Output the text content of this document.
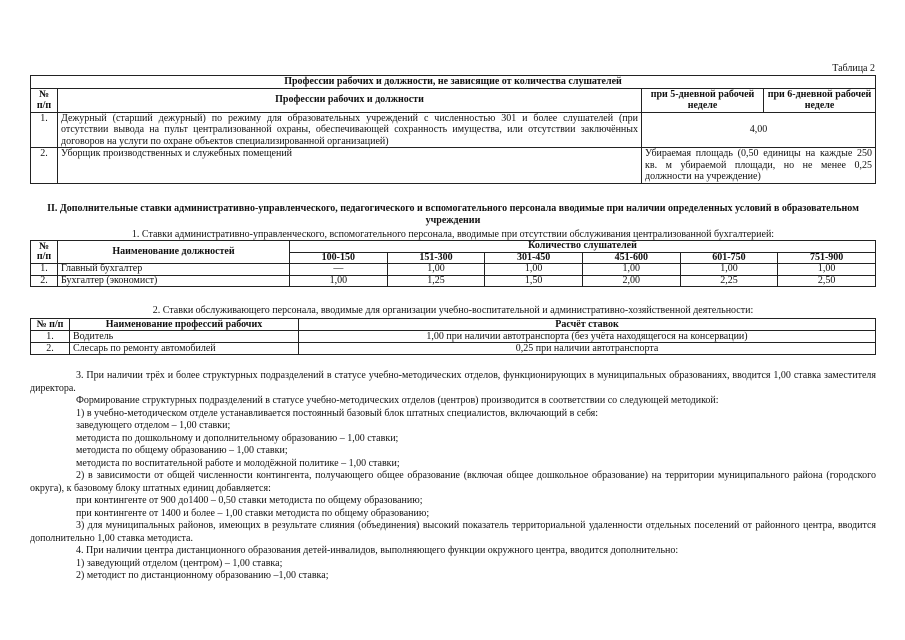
Таблица 2
Профессии рабочих и должности, не зависящие от количества слушателей			
№ п/п	Профессии рабочих и должности	при 5-дневной рабочей неделе	при 6-дневной рабочей неделе
1.	Дежурный (старший дежурный) по режиму для образовательных учреждений с численностью 301 и более слушателей (при отсутствии вывода на пульт централизованной охраны, обеспечивающей сохранность имущества, или отсутствии заключённых договоров на услуги по охране объектов специализированной организацией)	4,00	
2.	Уборщик производственных и служебных помещений	Убираемая площадь (0,50 единицы на каждые 250 кв. м убираемой площади, но не менее 0,25 должности на учреждение)	
II. Дополнительные ставки административно-управленческого, педагогического и вспомогательного персонала вводимые при наличии определенных условий в образовательном учреждении
1. Ставки административно-управленческого, вспомогательного персонала, вводимые при отсутствии обслуживания централизованной бухгалтерией:
№ п/п	Наименование должностей	Количество слушателей					
		100-150	151-300	301-450	451-600	601-750	751-900
1.	Главный бухгалтер	—	1,00	1,00	1,00	1,00	1,00
2.	Бухгалтер (экономист)	1,00	1,25	1,50	2,00	2,25	2,50
2. Ставки обслуживающего персонала, вводимые для организации учебно-воспитательной и административно-хозяйственной деятельности:
№ п/п	Наименование профессий рабочих	Расчёт ставок
1.	Водитель	1,00 при наличии автотранспорта (без учёта находящегося на консервации)
2.	Слесарь по ремонту автомобилей	0,25 при наличии автотранспорта

3. При наличии трёх и более структурных подразделений в статусе учебно-методических отделов, функционирующих в муниципальных образованиях, вводится 1,00 ставка заместителя директора.

Формирование структурных подразделений в статусе учебно-методических отделов (центров) производится в соответствии со следующей методикой:

1) в учебно-методическом отделе устанавливается постоянный базовый блок штатных специалистов, включающий в себя:

заведующего отделом – 1,00 ставки;

методиста по дошкольному и дополнительному образованию – 1,00 ставки;

методиста по общему образованию – 1,00 ставки;

методиста по воспитательной работе и молодёжной политике – 1,00 ставки;

2) в зависимости от общей численности контингента, получающего общее образование (включая общее дошкольное образование) на территории муниципального района (городского округа), к базовому блоку штатных единиц добавляется:

при контингенте от 900 до1400 – 0,50 ставки методиста по общему образованию;

при контингенте от 1400 и более – 1,00 ставки методиста по общему образованию;

3) для муниципальных районов, имеющих в результате слияния (объединения) высокий показатель территориальной удаленности отдельных поселений от районного центра, вводится дополнительно 1,00 ставка методиста.

4. При наличии центра дистанционного образования детей-инвалидов, выполняющего функции окружного центра, вводится дополнительно:

1) заведующий отделом (центром) – 1,00 ставка;

2) методист по дистанционному образованию –1,00 ставка;
